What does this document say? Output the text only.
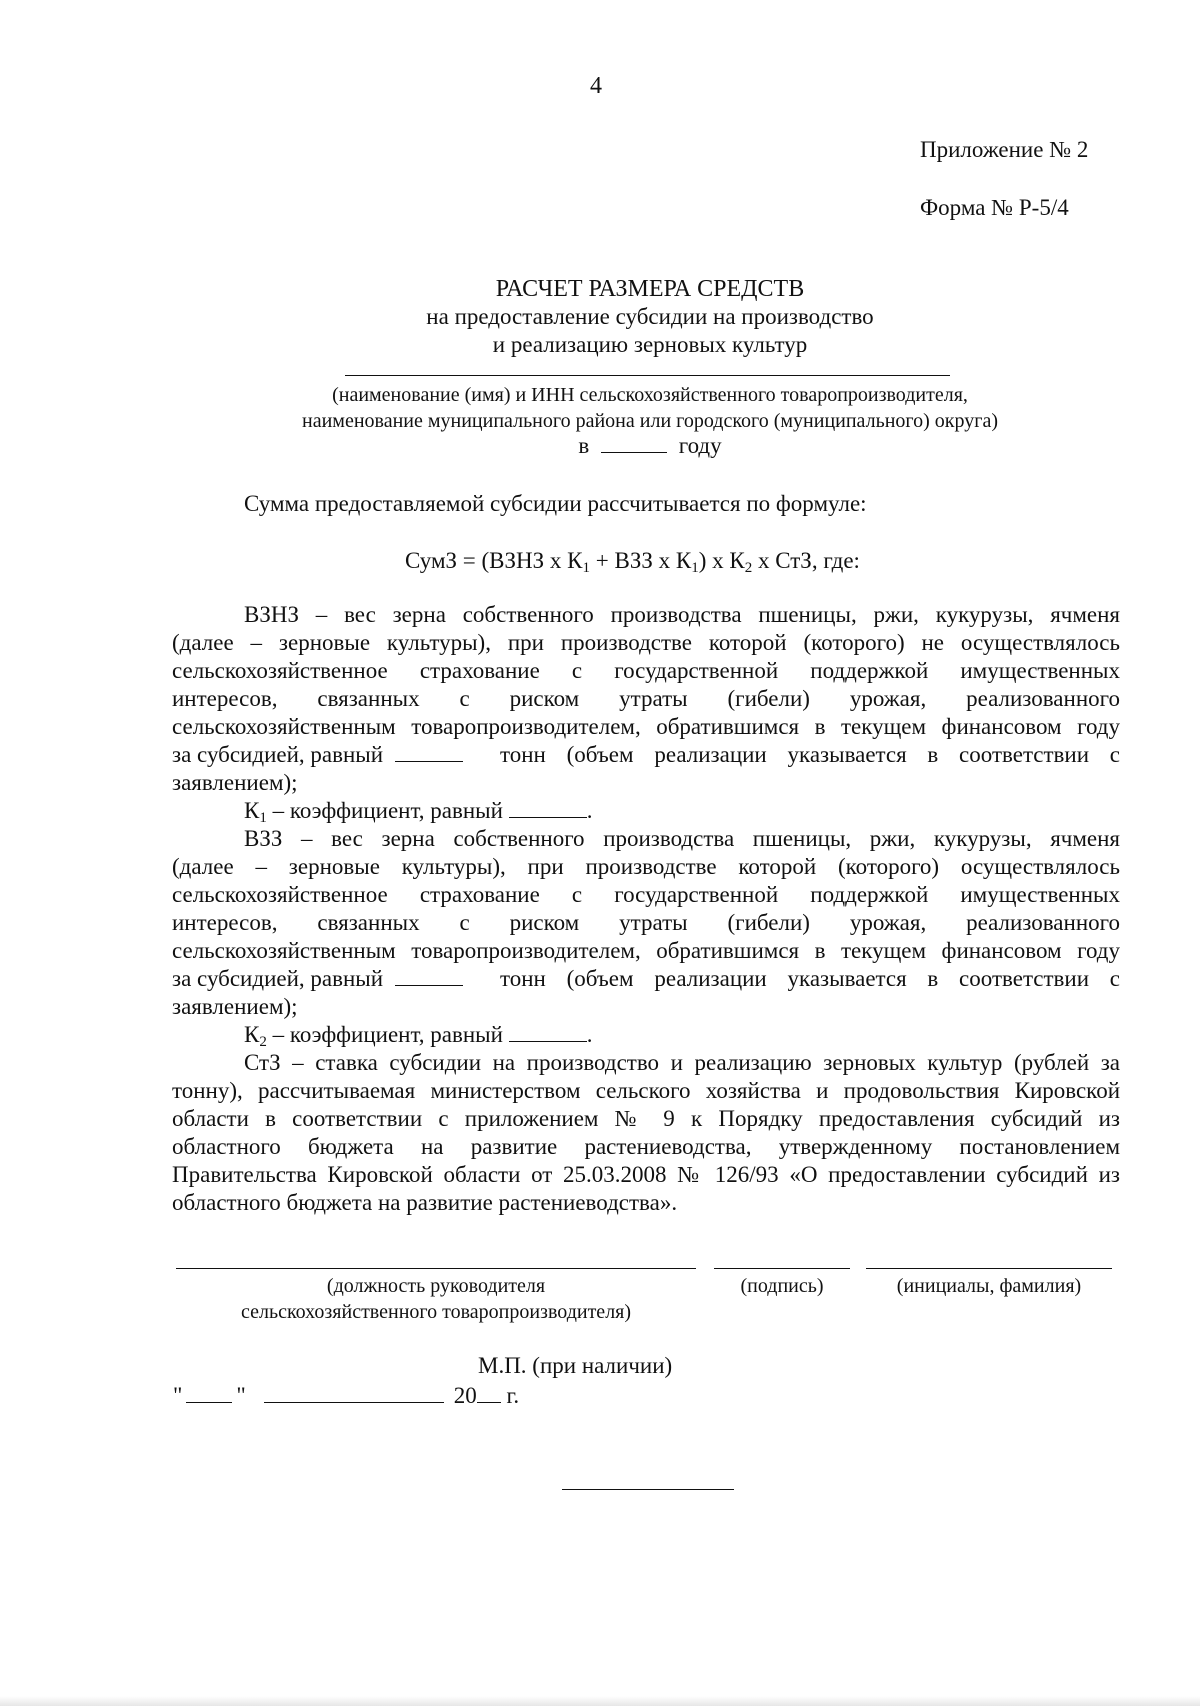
4
Приложение № 2
Форма № Р-5/4
РАСЧЕТ РАЗМЕРА СРЕДСТВ
на предоставление субсидии на производство
и реализацию зерновых культур
(наименование (имя) и ИНН сельскохозяйственного товаропроизводителя,
наименование муниципального района или городского (муниципального) округа)
в	году
Сумма предоставляемой субсидии рассчитывается по формуле:
СумЗ = (ВЗНЗ х $К_1$ + ВЗЗ х $К_1$) х $К_2$ х СтЗ, где:
ВЗНЗ – вес зерна собственного производства пшеницы, ржи, кукурузы, ячменя
(далее – зерновые культуры), при производстве которой (которого) не осуществлялось
сельскохозяйственное страхование с государственной поддержкой имущественных
интересов, связанных с риском утраты (гибели) урожая, реализованного
сельскохозяйственным товаропроизводителем, обратившимся в текущем финансовом году
за субсидией, равный	тонн (объем реализации указывается в соответствии с
заявлением);
$К_1$ – коэффициент, равный	.
ВЗЗ – вес зерна собственного производства пшеницы, ржи, кукурузы, ячменя
(далее – зерновые культуры), при производстве которой (которого) осуществлялось
сельскохозяйственное страхование с государственной поддержкой имущественных
интересов, связанных с риском утраты (гибели) урожая, реализованного
сельскохозяйственным товаропроизводителем, обратившимся в текущем финансовом году
за субсидией, равный	тонн (объем реализации указывается в соответствии с
заявлением);
$К_2$ – коэффициент, равный	.
СтЗ – ставка субсидии на производство и реализацию зерновых культур (рублей за
тонну), рассчитываемая министерством сельского хозяйства и продовольствия Кировской
области в соответствии с приложением № 9 к Порядку предоставления субсидий из
областного бюджета на развитие растениеводства, утвержденному постановлением
Правительства Кировской области от 25.03.2008 № 126/93 «О предоставлении субсидий из
областного бюджета на развитие растениеводства».
(должность руководителя
сельскохозяйственного товаропроизводителя)
(подпись)	(инициалы, фамилия)
М.П. (при наличии)
" "	20 г.
